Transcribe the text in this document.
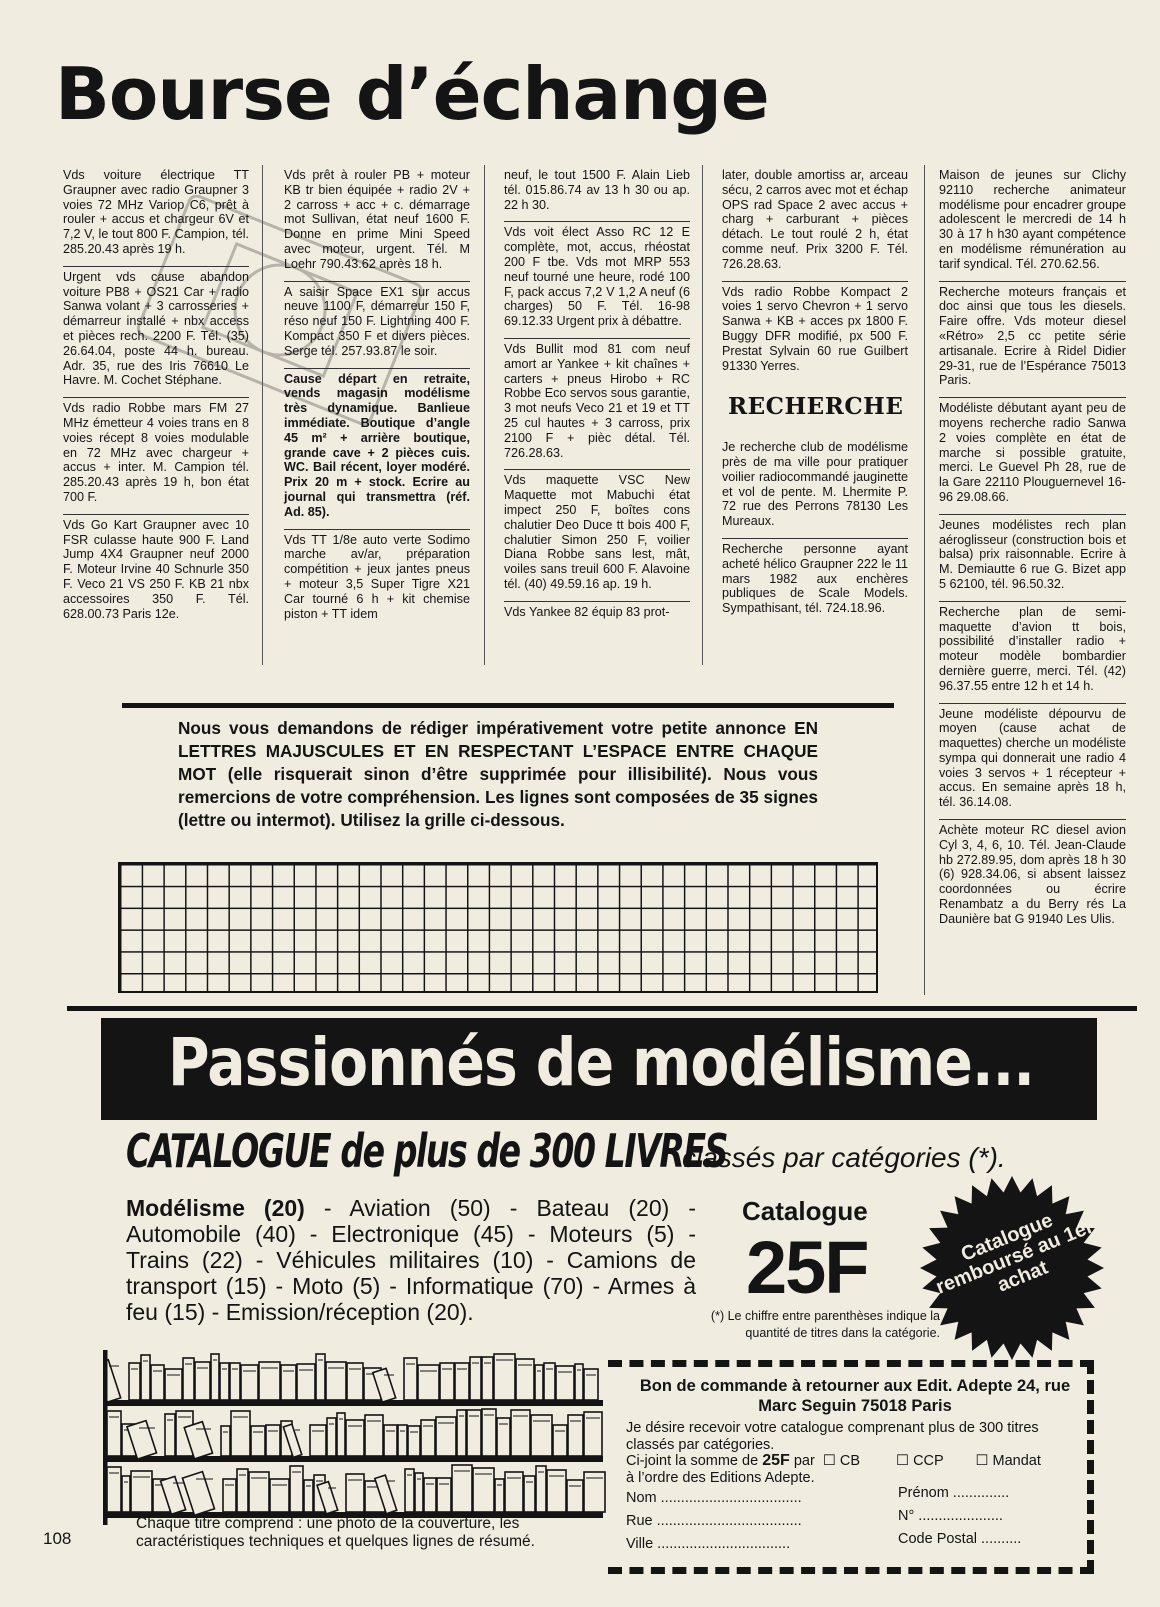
Bourse d’échange

Vds voiture électrique TT Graupner avec radio Graupner 3 voies 72 MHz Variop C6, prêt à rouler + accus et chargeur 6V et 7,2 V, le tout 800 F. Campion, tél. 285.20.43 après 19 h.

Urgent vds cause abandon voiture PB8 + OS21 Car + radio Sanwa volant + 3 carrosseries + démarreur installé + nbx access et pièces rech. 2200 F. Tél. (35) 26.64.04, poste 44 h. bureau. Adr. 35, rue des Iris 76610 Le Havre. M. Cochet Stéphane.

Vds radio Robbe mars FM 27 MHz émetteur 4 voies trans en 8 voies récept 8 voies modulable en 72 MHz avec chargeur + accus + inter. M. Campion tél. 285.20.43 après 19 h, bon état 700 F.

Vds Go Kart Graupner avec 10 FSR culasse haute 900 F. Land Jump 4X4 Graupner neuf 2000 F. Moteur Irvine 40 Schnurle 350 F. Veco 21 VS 250 F. KB 21 nbx accessoires 350 F. Tél. 628.00.73 Paris 12e.

Vds prêt à rouler PB + moteur KB tr bien équipée + radio 2V + 2 carross + acc + c. démarrage mot Sullivan, état neuf 1600 F. Donne en prime Mini Speed avec moteur, urgent. Tél. M Loehr 790.43.62 après 18 h.

A saisir Space EX1 sur accus neuve 1100 F, démarreur 150 F, réso neuf 150 F. Lightning 400 F. Kompact 350 F et divers pièces. Serge tél. 257.93.87 le soir.

Cause départ en retraite, vends magasin modélisme très dynamique. Banlieue immédiate. Boutique d’angle 45 m² + arrière boutique, grande cave + 2 pièces cuis. WC. Bail récent, loyer modéré. Prix 20 m + stock. Ecrire au journal qui transmettra (réf. Ad. 85).

Vds TT 1/8e auto verte Sodimo marche av/ar, préparation compétition + jeux jantes pneus + moteur 3,5 Super Tigre X21 Car tourné 6 h + kit chemise piston + TT idem

neuf, le tout 1500 F. Alain Lieb tél. 015.86.74 av 13 h 30 ou ap. 22 h 30.

Vds voit élect Asso RC 12 E complète, mot, accus, rhéostat 200 F tbe. Vds mot MRP 553 neuf tourné une heure, rodé 100 F, pack accus 7,2 V 1,2 A neuf (6 charges) 50 F. Tél. 16-98 69.12.33 Urgent prix à débattre.

Vds Bullit mod 81 com neuf amort ar Yankee + kit chaînes + carters + pneus Hirobo + RC Robbe Eco servos sous garantie, 3 mot neufs Veco 21 et 19 et TT 25 cul hautes + 3 carross, prix 2100 F + pièc détal. Tél. 726.28.63.

Vds maquette VSC New Maquette mot Mabuchi état impect 250 F, boîtes cons chalutier Deo Duce tt bois 400 F, chalutier Simon 250 F, voilier Diana Robbe sans lest, mât, voiles sans treuil 600 F. Alavoine tél. (40) 49.59.16 ap. 19 h.

Vds Yankee 82 équip 83 prot-

later, double amortiss ar, arceau sécu, 2 carros avec mot et échap OPS rad Space 2 avec accus + charg + carburant + pièces détach. Le tout roulé 2 h, état comme neuf. Prix 3200 F. Tél. 726.28.63.

Vds radio Robbe Kompact 2 voies 1 servo Chevron + 1 servo Sanwa + KB + acces px 1800 F. Buggy DFR modifié, px 500 F. Prestat Sylvain 60 rue Guilbert 91330 Yerres.

RECHERCHE

Je recherche club de modélisme près de ma ville pour pratiquer voilier radiocommandé jauginette et vol de pente. M. Lhermite P. 72 rue des Perrons 78130 Les Mureaux.

Recherche personne ayant acheté hélico Graupner 222 le 11 mars 1982 aux enchères publiques de Scale Models. Sympathisant, tél. 724.18.96.

Maison de jeunes sur Clichy 92110 recherche animateur modélisme pour encadrer groupe adolescent le mercredi de 14 h 30 à 17 h h30 ayant compétence en modélisme rémunération au tarif syndical. Tél. 270.62.56.

Recherche moteurs français et doc ainsi que tous les diesels. Faire offre. Vds moteur diesel «Rétro» 2,5 cc petite série artisanale. Ecrire à Ridel Didier 29-31, rue de l’Espérance 75013 Paris.

Modéliste débutant ayant peu de moyens recherche radio Sanwa 2 voies complète en état de marche si possible gratuite, merci. Le Guevel Ph 28, rue de la Gare 22110 Plouguernevel 16-96 29.08.66.

Jeunes modélistes rech plan aéroglisseur (construction bois et balsa) prix raisonnable. Ecrire à M. Demiautte 6 rue G. Bizet app 5 62100, tél. 96.50.32.

Recherche plan de semi-maquette d’avion tt bois, possibilité d’installer radio + moteur modèle bombardier dernière guerre, merci. Tél. (42) 96.37.55 entre 12 h et 14 h.

Jeune modéliste dépourvu de moyen (cause achat de maquettes) cherche un modéliste sympa qui donnerait une radio 4 voies 3 servos + 1 récepteur + accus. En semaine après 18 h, tél. 36.14.08.

Achète moteur RC diesel avion Cyl 3, 4, 6, 10. Tél. Jean-Claude hb 272.89.95, dom après 18 h 30 (6) 928.34.06, si absent laissez coordonnées ou écrire Renambatz a du Berry rés La Daunière bat G 91940 Les Ulis.

Nous vous demandons de rédiger impérativement votre petite annonce EN LETTRES MAJUSCULES ET EN RESPECTANT L’ESPACE ENTRE CHAQUE MOT (elle risquerait sinon d’être supprimée pour illisibilité). Nous vous remercions de votre compréhension. Les lignes sont composées de 35 signes (lettre ou intermot). Utilisez la grille ci-dessous.

Passionnés de modélisme...
CATALOGUE de plus de 300 LIVRES
classés par catégories (*).

Modélisme (20) - Aviation (50) - Bateau (20) - Automobile (40) - Electronique (45) - Moteurs (5) - Trains (22) - Véhicules militaires (10) - Camions de transport (15) - Moto (5) - Informatique (70) - Armes à feu (15) - Emission/réception (20).

Catalogue
25F
(*) Le chiffre entre parenthèses indique la quantité de titres dans la catégorie.
Catalogue remboursé au 1er achat

Chaque titre comprend : une photo de la couverture, les caractéristiques techniques et quelques lignes de résumé.

Bon de commande à retourner aux Edit. Adepte 24, rue Marc Seguin 75018 Paris

Je désire recevoir votre catalogue comprenant plus de 300 titres classés par catégories.
Ci-joint la somme de 25F par ☐ CB ☐ CCP ☐ Mandat
à l’ordre des Editions Adepte.
Nom ...................................	Prénom ..............
Rue ....................................	N° .....................
Ville .................................	Code Postal ..........
108
